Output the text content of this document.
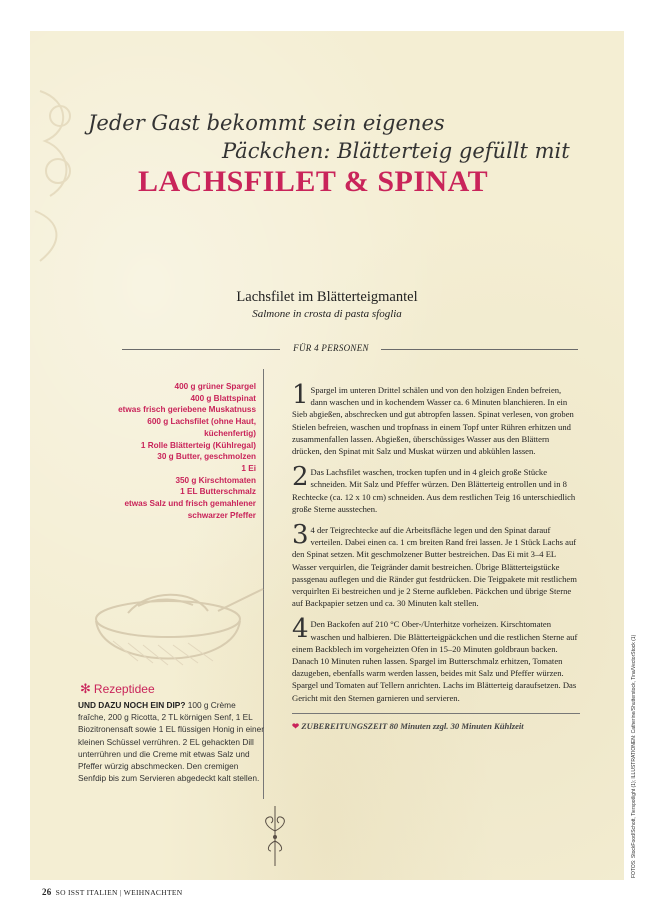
Jeder Gast bekommt sein eigenes
Päckchen: Blätterteig gefüllt mit
LACHSFILET & SPINAT
Lachsfilet im Blätterteigmantel
Salmone in crosta di pasta sfoglia
FÜR 4 PERSONEN
400 g grüner Spargel
400 g Blattspinat
etwas frisch geriebene Muskatnuss
600 g Lachsfilet (ohne Haut,
küchenfertig)
1 Rolle Blätterteig (Kühlregal)
30 g Butter, geschmolzen
1 Ei
350 g Kirschtomaten
1 EL Butterschmalz
etwas Salz und frisch gemahlener
schwarzer Pfeffer
✻ Rezeptidee
UND DAZU NOCH EIN DIP? 100 g Crème fraîche, 200 g Ricotta, 2 TL körnigen Senf, 1 EL Biozitronensaft sowie 1 EL flüssigen Honig in einer kleinen Schüssel verrühren. 2 EL gehackten Dill unterrühren und die Creme mit etwas Salz und Pfeffer würzig abschmecken. Den cremigen Senfdip bis zum Servieren abgedeckt kalt stellen.
1 Spargel im unteren Drittel schälen und von den holzigen Enden befreien, dann waschen und in kochendem Wasser ca. 6 Minuten blanchieren. In ein Sieb abgießen, abschrecken und gut abtropfen lassen. Spinat verlesen, von groben Stielen befreien, waschen und tropfnass in einem Topf unter Rühren erhitzen und zusammenfallen lassen. Abgießen, überschüssiges Wasser aus den Blättern drücken, den Spinat mit Salz und Muskat würzen und abkühlen lassen.
2 Das Lachsfilet waschen, trocken tupfen und in 4 gleich große Stücke schneiden. Mit Salz und Pfeffer würzen. Den Blätterteig entrollen und in 8 Rechtecke (ca. 12 x 10 cm) schneiden. Aus dem restlichen Teig 16 unterschiedlich große Sterne ausstechen.
3 4 der Teigrechtecke auf die Arbeitsfläche legen und den Spinat darauf verteilen. Dabei einen ca. 1 cm breiten Rand frei lassen. Je 1 Stück Lachs auf den Spinat setzen. Mit geschmolzener Butter bestreichen. Das Ei mit 3–4 EL Wasser verquirlen, die Teigränder damit bestreichen. Übrige Blätterteigstücke passgenau auflegen und die Ränder gut festdrücken. Die Teigpakete mit restlichem verquirlten Ei bestreichen und je 2 Sterne aufkleben. Päckchen und übrige Sterne auf Backpapier setzen und ca. 30 Minuten kalt stellen.
4 Den Backofen auf 210 °C Ober-/Unterhitze vorheizen. Kirschtomaten waschen und halbieren. Die Blätterteigpäckchen und die restlichen Sterne auf einem Backblech im vorgeheizten Ofen in 15–20 Minuten goldbraun backen. Danach 10 Minuten ruhen lassen. Spargel im Butterschmalz erhitzen, Tomaten dazugeben, ebenfalls warm werden lassen, beides mit Salz und Pfeffer würzen. Spargel und Tomaten auf Tellern anrichten. Lachs im Blätterteig daraufsetzen. Das Gericht mit den Sternen garnieren und servieren.
❤ ZUBEREITUNGSZEIT 80 Minuten zzgl. 30 Minuten Kühlzeit
26 SO ISST ITALIEN | WEIHNACHTEN
FOTOS: StockFood/Schott, Tierspotlight (1); ILLUSTRATIONEN: Catherine/Shutterstock, Tina/VectorStock (1)
